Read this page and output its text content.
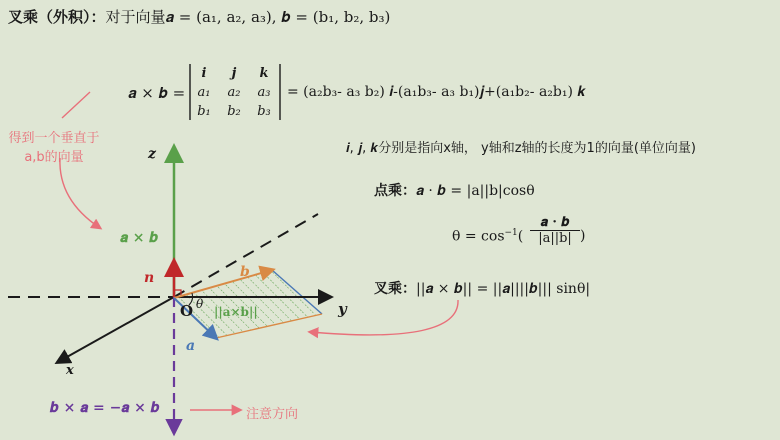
叉乘（外积）：对于向量𝒂 = (a₁, a₂, a₃), 𝒃 = (b₁, b₂, b₃)
𝒂 × 𝒃 =
𝒊 𝒋 𝒌
a₁ a₂ a₃
b₁ b₂ b₃
= (a₂b₃- a₃ b₂) 𝒊-(a₁b₃- a₃ b₁)𝒋+(a₁b₂- a₂b₁) 𝒌
𝒊, 𝒋, 𝒌分别是指向x轴， y轴和z轴的长度为1的向量(单位向量)
点乘：𝒂 · 𝒃 = |a||b|cosθ
$\theta = \cos^{-1}$(
𝒂 · 𝒃
|a||b| )
叉乘：||𝒂 × 𝒃|| = ||𝒂||||𝒃||| sinθ|
得到一个垂直于
a,b的向量
注意方向
z
y
x
𝒂 × 𝒃
n	b
a
θ
O ||a×b||
𝒃 × 𝒂 = −𝒂 × 𝒃
